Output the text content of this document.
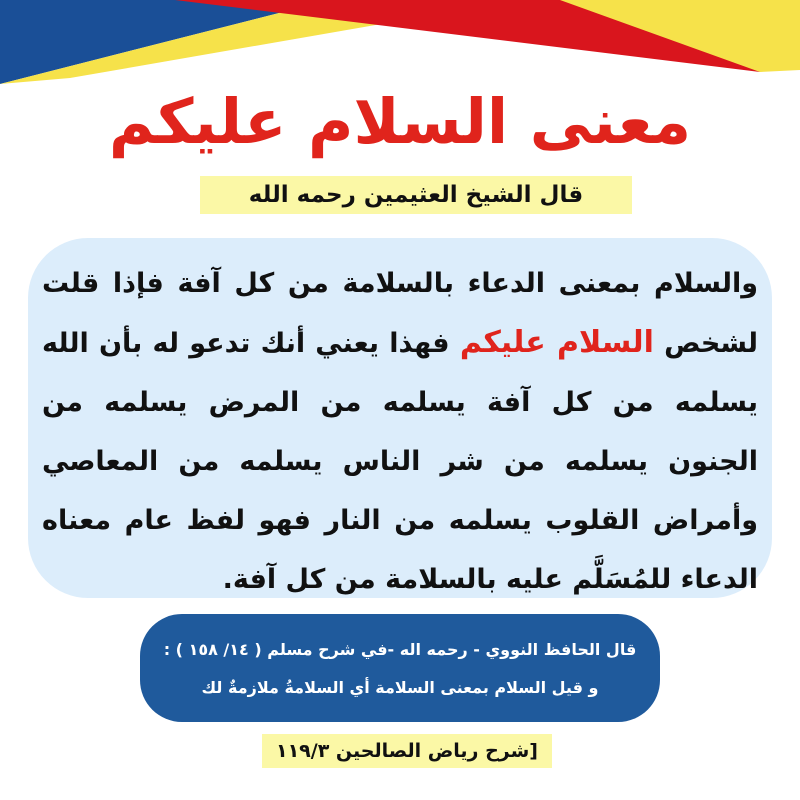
معنى السلام عليكم
قال الشيخ العثيمين رحمه الله
والسلام بمعنى الدعاء بالسلامة من كل آفة فإذا قلت لشخص السلام عليكم فهذا يعني أنك تدعو له بأن الله يسلمه من كل آفة يسلمه من المرض يسلمه من الجنون يسلمه من شر الناس يسلمه من المعاصي وأمراض القلوب يسلمه من النار فهو لفظ عام معناه الدعاء للمُسَلَّم عليه بالسلامة من كل آفة.
قال الحافظ النووي - رحمه اله -في شرح مسلم ( ١٤/ ١٥٨ ) :
و قيل السلام بمعنى السلامة أي السلامةُ ملازمةٌ لك
[شرح رياض الصالحين ١١٩/٣
